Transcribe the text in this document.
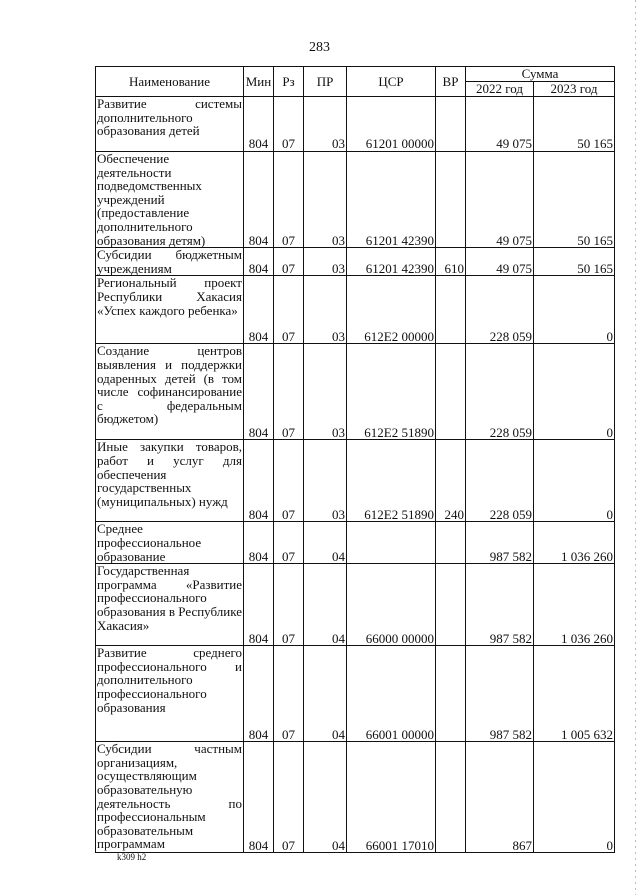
283
Наименование	Мин	Рз	ПР	ЦСР	ВР	Сумма	
						2022 год	2023 год
Развитие системы дополнительного образования детей	804	07	03	61201 00000		49 075	50 165
Обеспечение деятельности подведомственных учреждений (предоставление дополнительного образования детям)	804	07	03	61201 42390		49 075	50 165
Субсидии бюджетным учреждениям	804	07	03	61201 42390	610	49 075	50 165
Региональный проект Республики Хакасия «Успех каждого ребенка»	804	07	03	612E2 00000		228 059	0
Создание центров выявления и поддержки одаренных детей (в том числе софинансирование с федеральным бюджетом)	804	07	03	612E2 51890		228 059	0
Иные закупки товаров, работ и услуг для обеспечения государственных (муниципальных) нужд	804	07	03	612E2 51890	240	228 059	0
Среднее профессиональное образование	804	07	04			987 582	1 036 260
Государственная программа «Развитие профессионального образования в Республике Хакасия»	804	07	04	66000 00000		987 582	1 036 260
Развитие среднего профессионального и дополнительного профессионального образования	804	07	04	66001 00000		987 582	1 005 632
Субсидии частным организациям, осуществляющим образовательную деятельность по профессиональным образовательным программам	804	07	04	66001 17010		867	0
k309 h2
